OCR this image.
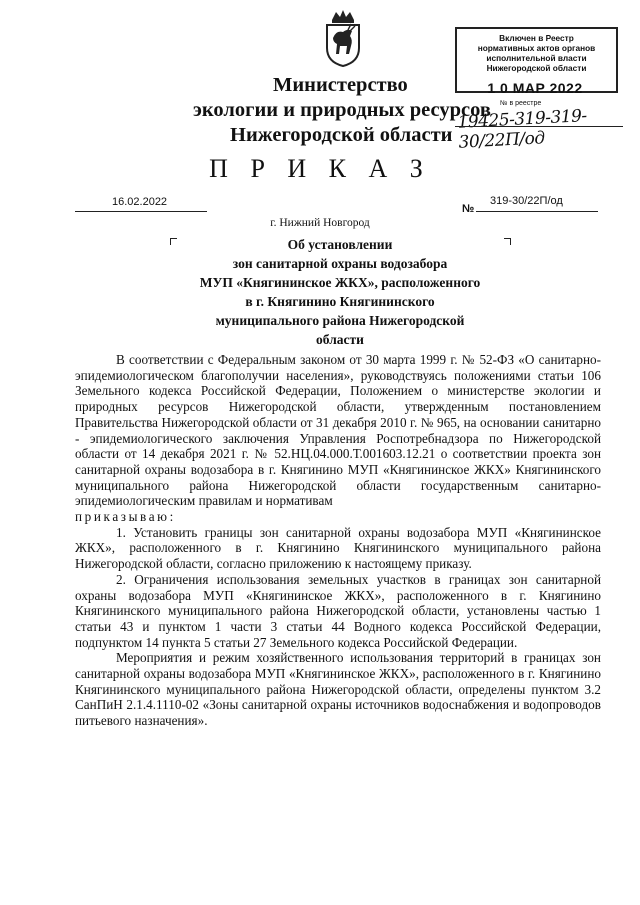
Включен в Реестр
нормативных актов органов
исполнительной власти
Нижегородской области
1 0 MAP 2022
№ в реестре
19425-319-319-30/22П/од
Министерство
экологии и природных ресурсов
Нижегородской области
П Р И К А З
16.02.2022
№
319-30/22П/од
г. Нижний Новгород
Об установлении
зон санитарной охраны водозабора
МУП «Княгининское ЖКХ», расположенного
в г. Княгинино Княгининского
муниципального района Нижегородской
области

В соответствии с Федеральным законом от 30 марта 1999 г. № 52-ФЗ «О санитарно-эпидемиологическом благополучии населения», руководствуясь положениями статьи 106 Земельного кодекса Российской Федерации, Положением о министерстве экологии и природных ресурсов Нижегородской области, утвержденным постановлением Правительства Нижегородской области от 31 декабря 2010 г. № 965, на основании санитарно - эпидемиологического заключения Управления Роспотребнадзора по Нижегородской области от 14 декабря 2021 г. № 52.НЦ.04.000.Т.001603.12.21 о соответствии проекта зон санитарной охраны водозабора в г. Княгинино МУП «Княгининское ЖКХ» Княгининского муниципального района Нижегородской области государственным санитарно-эпидемиологическим правилам и нормативам

приказываю:

1. Установить границы зон санитарной охраны водозабора МУП «Княгининское ЖКХ», расположенного в г. Княгинино Княгининского муниципального района Нижегородской области, согласно приложению к настоящему приказу.

2. Ограничения использования земельных участков в границах зон санитарной охраны водозабора МУП «Княгининское ЖКХ», расположенного в г. Княгинино Княгининского муниципального района Нижегородской области, установлены частью 1 статьи 43 и пунктом 1 части 3 статьи 44 Водного кодекса Российской Федерации, подпунктом 14 пункта 5 статьи 27 Земельного кодекса Российской Федерации.

Мероприятия и режим хозяйственного использования территорий в границах зон санитарной охраны водозабора МУП «Княгининское ЖКХ», расположенного в г. Княгинино Княгининского муниципального района Нижегородской области, определены пунктом 3.2 СанПиН 2.1.4.1110-02 «Зоны санитарной охраны источников водоснабжения и водопроводов питьевого назначения».
